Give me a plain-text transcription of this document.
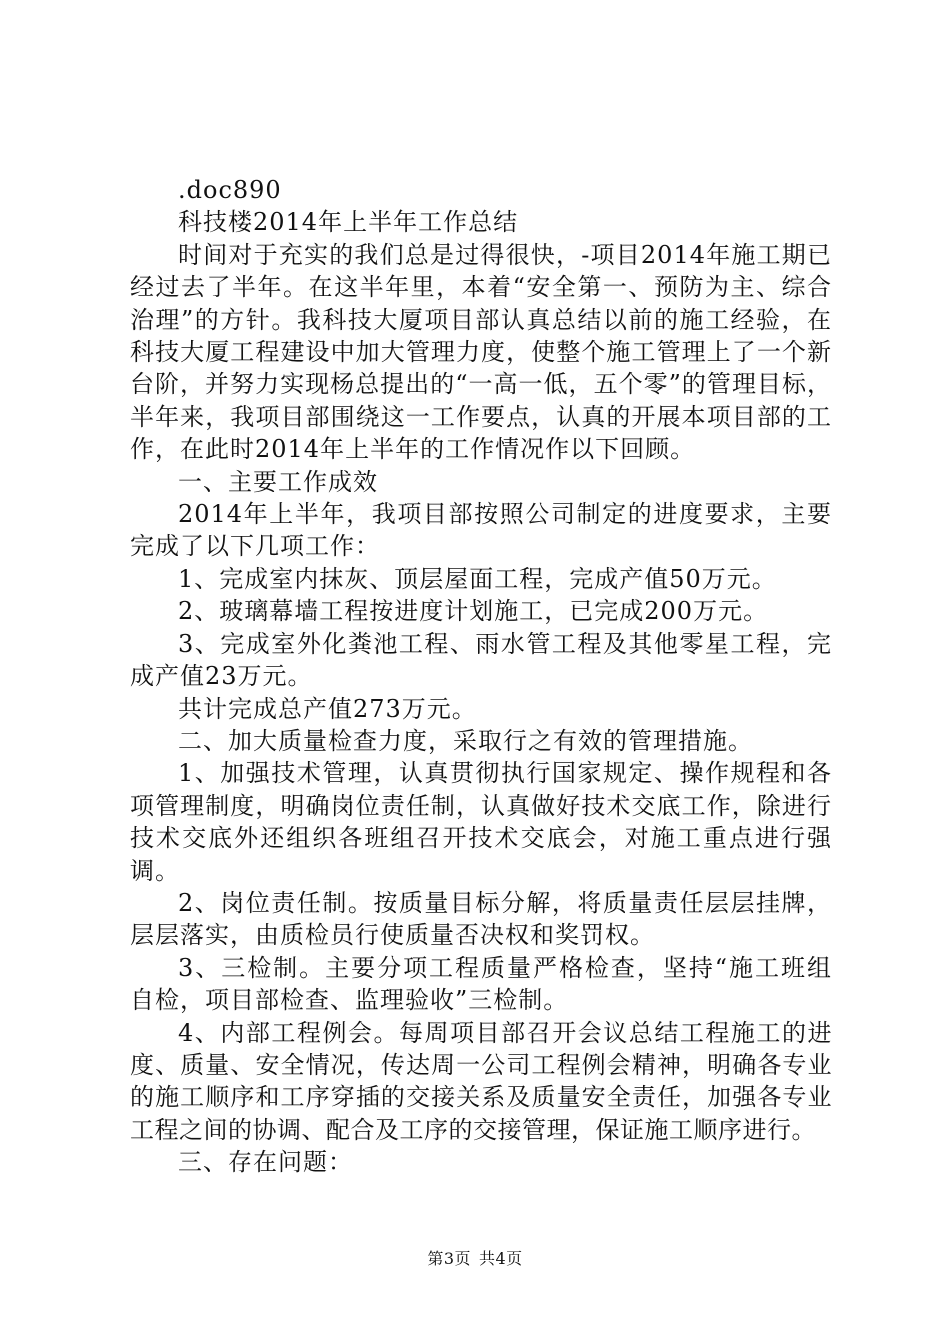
.doc890

科技楼2014年上半年工作总结

时间对于充实的我们总是过得很快，-项目2014年施工期已经过去了半年。在这半年里，本着“安全第一、预防为主、综合治理”的方针。我科技大厦项目部认真总结以前的施工经验，在科技大厦工程建设中加大管理力度，使整个施工管理上了一个新台阶，并努力实现杨总提出的“一高一低，五个零”的管理目标，半年来，我项目部围绕这一工作要点，认真的开展本项目部的工作，在此时2014年上半年的工作情况作以下回顾。

一、主要工作成效

2014年上半年，我项目部按照公司制定的进度要求，主要完成了以下几项工作：

1、完成室内抹灰、顶层屋面工程，完成产值50万元。

2、玻璃幕墙工程按进度计划施工，已完成200万元。

3、完成室外化粪池工程、雨水管工程及其他零星工程，完成产值23万元。

共计完成总产值273万元。

二、加大质量检查力度，采取行之有效的管理措施。

1、加强技术管理，认真贯彻执行国家规定、操作规程和各项管理制度，明确岗位责任制，认真做好技术交底工作，除进行技术交底外还组织各班组召开技术交底会，对施工重点进行强调。

2、岗位责任制。按质量目标分解，将质量责任层层挂牌，层层落实，由质检员行使质量否决权和奖罚权。

3、三检制。主要分项工程质量严格检查，坚持“施工班组自检，项目部检查、监理验收”三检制。

4、内部工程例会。每周项目部召开会议总结工程施工的进度、质量、安全情况，传达周一公司工程例会精神，明确各专业的施工顺序和工序穿插的交接关系及质量安全责任，加强各专业工程之间的协调、配合及工序的交接管理，保证施工顺序进行。

三、存在问题：

第3页 共4页
